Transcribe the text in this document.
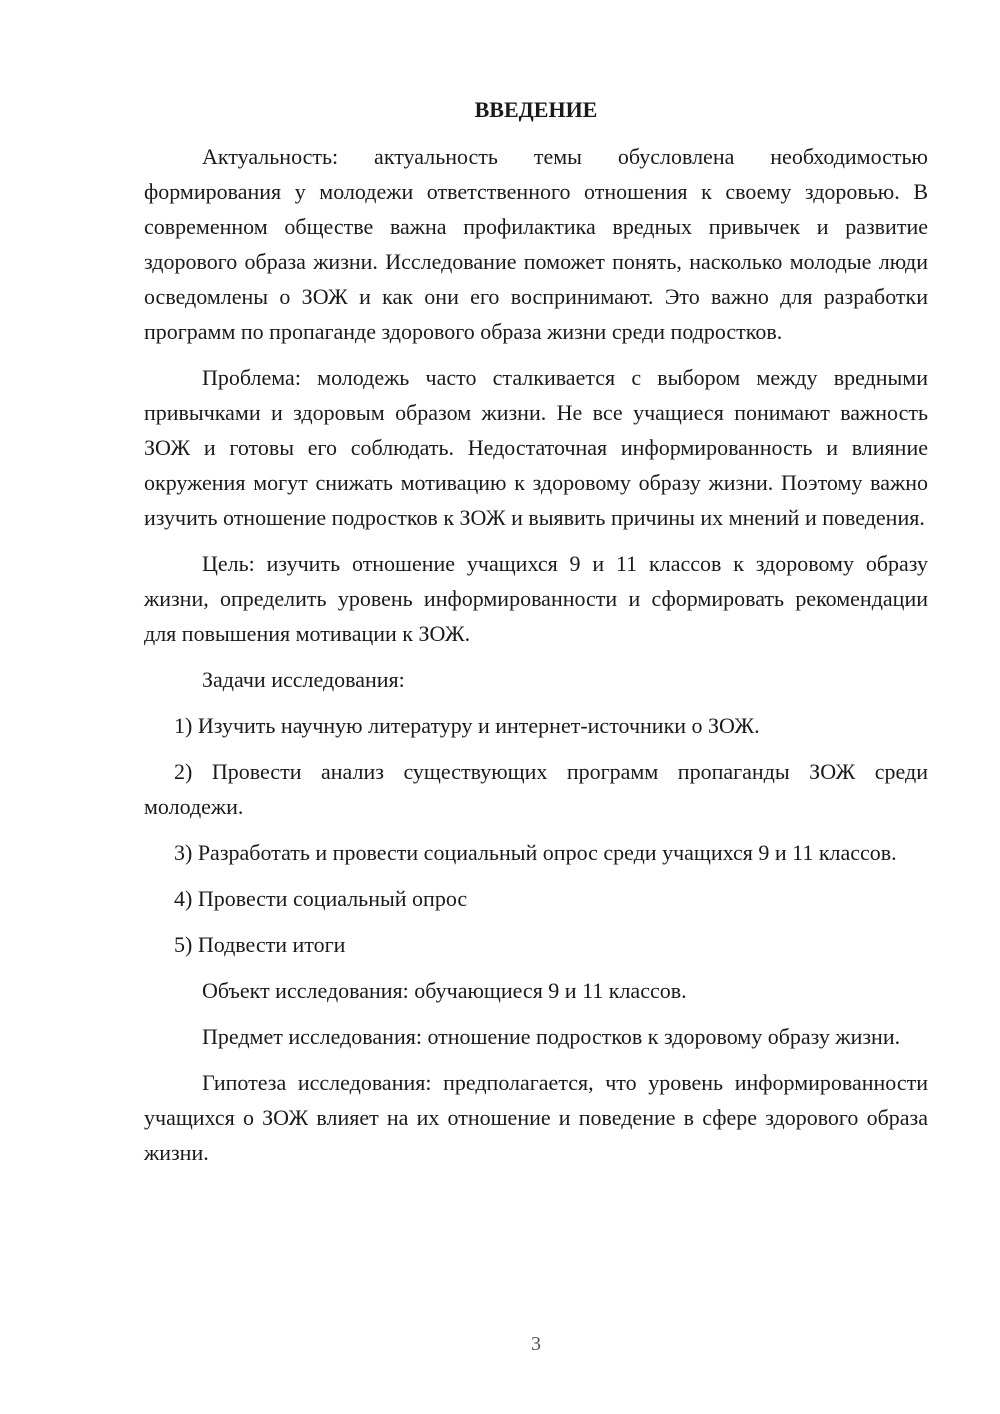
ВВЕДЕНИЕ

Актуальность: актуальность темы обусловлена необходимостью формирования у молодежи ответственного отношения к своему здоровью. В современном обществе важна профилактика вредных привычек и развитие здорового образа жизни. Исследование поможет понять, насколько молодые люди осведомлены о ЗОЖ и как они его воспринимают. Это важно для разработки программ по пропаганде здорового образа жизни среди подростков.

Проблема: молодежь часто сталкивается с выбором между вредными привычками и здоровым образом жизни. Не все учащиеся понимают важность ЗОЖ и готовы его соблюдать. Недостаточная информированность и влияние окружения могут снижать мотивацию к здоровому образу жизни. Поэтому важно изучить отношение подростков к ЗОЖ и выявить причины их мнений и поведения.

Цель: изучить отношение учащихся 9 и 11 классов к здоровому образу жизни, определить уровень информированности и сформировать рекомендации для повышения мотивации к ЗОЖ.

Задачи исследования:

1) Изучить научную литературу и интернет-источники о ЗОЖ.

2) Провести анализ существующих программ пропаганды ЗОЖ среди молодежи.

3) Разработать и провести социальный опрос среди учащихся 9 и 11 классов.

4) Провести социальный опрос

5) Подвести итоги

Объект исследования: обучающиеся 9 и 11 классов.

Предмет исследования: отношение подростков к здоровому образу жизни.

Гипотеза исследования: предполагается, что уровень информированности учащихся о ЗОЖ влияет на их отношение и поведение в сфере здорового образа жизни.

3
